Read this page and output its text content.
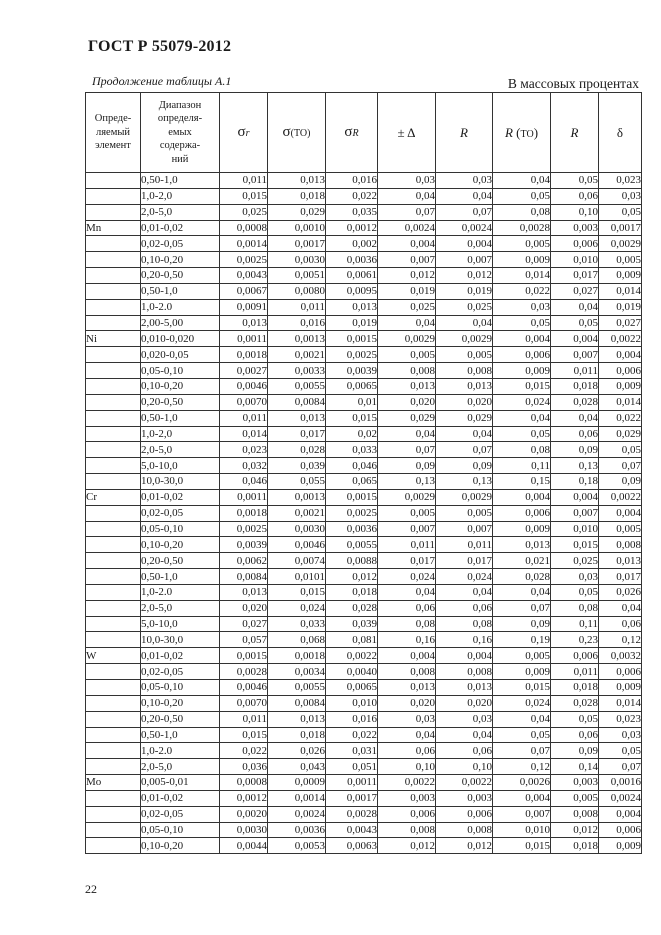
ГОСТ Р 55079-2012
Продолжение таблицы А.1	В массовых процентах
Опреде-
ляемый
элемент	Диапазон
определя-
емых
содержа-
ний	σr	σ(ТО)	σR	± Δ	R	R (ТО)	R	δ
	0,50-1,0	0,011	0,013	0,016	0,03	0,03	0,04	0,05	0,023
	1,0-2,0	0,015	0,018	0,022	0,04	0,04	0,05	0,06	0,03
	2,0-5,0	0,025	0,029	0,035	0,07	0,07	0,08	0,10	0,05
Mn	0,01-0,02	0,0008	0,0010	0,0012	0,0024	0,0024	0,0028	0,003	0,0017
	0,02-0,05	0,0014	0,0017	0,002	0,004	0,004	0,005	0,006	0,0029
	0,10-0,20	0,0025	0,0030	0,0036	0,007	0,007	0,009	0,010	0,005
	0,20-0,50	0,0043	0,0051	0,0061	0,012	0,012	0,014	0,017	0,009
	0,50-1,0	0,0067	0,0080	0,0095	0,019	0,019	0,022	0,027	0,014
	1,0-2.0	0,0091	0,011	0,013	0,025	0,025	0,03	0,04	0,019
	2,00-5,00	0,013	0,016	0,019	0,04	0,04	0,05	0,05	0,027
Ni	0,010-0,020	0,0011	0,0013	0,0015	0,0029	0,0029	0,004	0,004	0,0022
	0,020-0,05	0,0018	0,0021	0,0025	0,005	0,005	0,006	0,007	0,004
	0,05-0,10	0,0027	0,0033	0,0039	0,008	0,008	0,009	0,011	0,006
	0,10-0,20	0,0046	0,0055	0,0065	0,013	0,013	0,015	0,018	0,009
	0,20-0,50	0,0070	0,0084	0,01	0,020	0,020	0,024	0,028	0,014
	0,50-1,0	0,011	0,013	0,015	0,029	0,029	0,04	0,04	0,022
	1,0-2,0	0,014	0,017	0,02	0,04	0,04	0,05	0,06	0,029
	2,0-5,0	0,023	0,028	0,033	0,07	0,07	0,08	0,09	0,05
	5,0-10,0	0,032	0,039	0,046	0,09	0,09	0,11	0,13	0,07
	10,0-30,0	0,046	0,055	0,065	0,13	0,13	0,15	0,18	0,09
Cr	0,01-0,02	0,0011	0,0013	0,0015	0,0029	0,0029	0,004	0,004	0,0022
	0,02-0,05	0,0018	0,0021	0,0025	0,005	0,005	0,006	0,007	0,004
	0,05-0,10	0,0025	0,0030	0,0036	0,007	0,007	0,009	0,010	0,005
	0,10-0,20	0,0039	0,0046	0,0055	0,011	0,011	0,013	0,015	0,008
	0,20-0,50	0,0062	0,0074	0,0088	0,017	0,017	0,021	0,025	0,013
	0,50-1,0	0,0084	0,0101	0,012	0,024	0,024	0,028	0,03	0,017
	1,0-2.0	0,013	0,015	0,018	0,04	0,04	0,04	0,05	0,026
	2,0-5,0	0,020	0,024	0,028	0,06	0,06	0,07	0,08	0,04
	5,0-10,0	0,027	0,033	0,039	0,08	0,08	0,09	0,11	0,06
	10,0-30,0	0,057	0,068	0,081	0,16	0,16	0,19	0,23	0,12
W	0,01-0,02	0,0015	0,0018	0,0022	0,004	0,004	0,005	0,006	0,0032
	0,02-0,05	0,0028	0,0034	0,0040	0,008	0,008	0,009	0,011	0,006
	0,05-0,10	0,0046	0,0055	0,0065	0,013	0,013	0,015	0,018	0,009
	0,10-0,20	0,0070	0,0084	0,010	0,020	0,020	0,024	0,028	0,014
	0,20-0,50	0,011	0,013	0,016	0,03	0,03	0,04	0,05	0,023
	0,50-1,0	0,015	0,018	0,022	0,04	0,04	0,05	0,06	0,03
	1,0-2.0	0,022	0,026	0,031	0,06	0,06	0,07	0,09	0,05
	2,0-5,0	0,036	0,043	0,051	0,10	0,10	0,12	0,14	0,07
Mo	0,005-0,01	0,0008	0,0009	0,0011	0,0022	0,0022	0,0026	0,003	0,0016
	0,01-0,02	0,0012	0,0014	0,0017	0,003	0,003	0,004	0,005	0,0024
	0,02-0,05	0,0020	0,0024	0,0028	0,006	0,006	0,007	0,008	0,004
	0,05-0,10	0,0030	0,0036	0,0043	0,008	0,008	0,010	0,012	0,006
	0,10-0,20	0,0044	0,0053	0,0063	0,012	0,012	0,015	0,018	0,009
22
